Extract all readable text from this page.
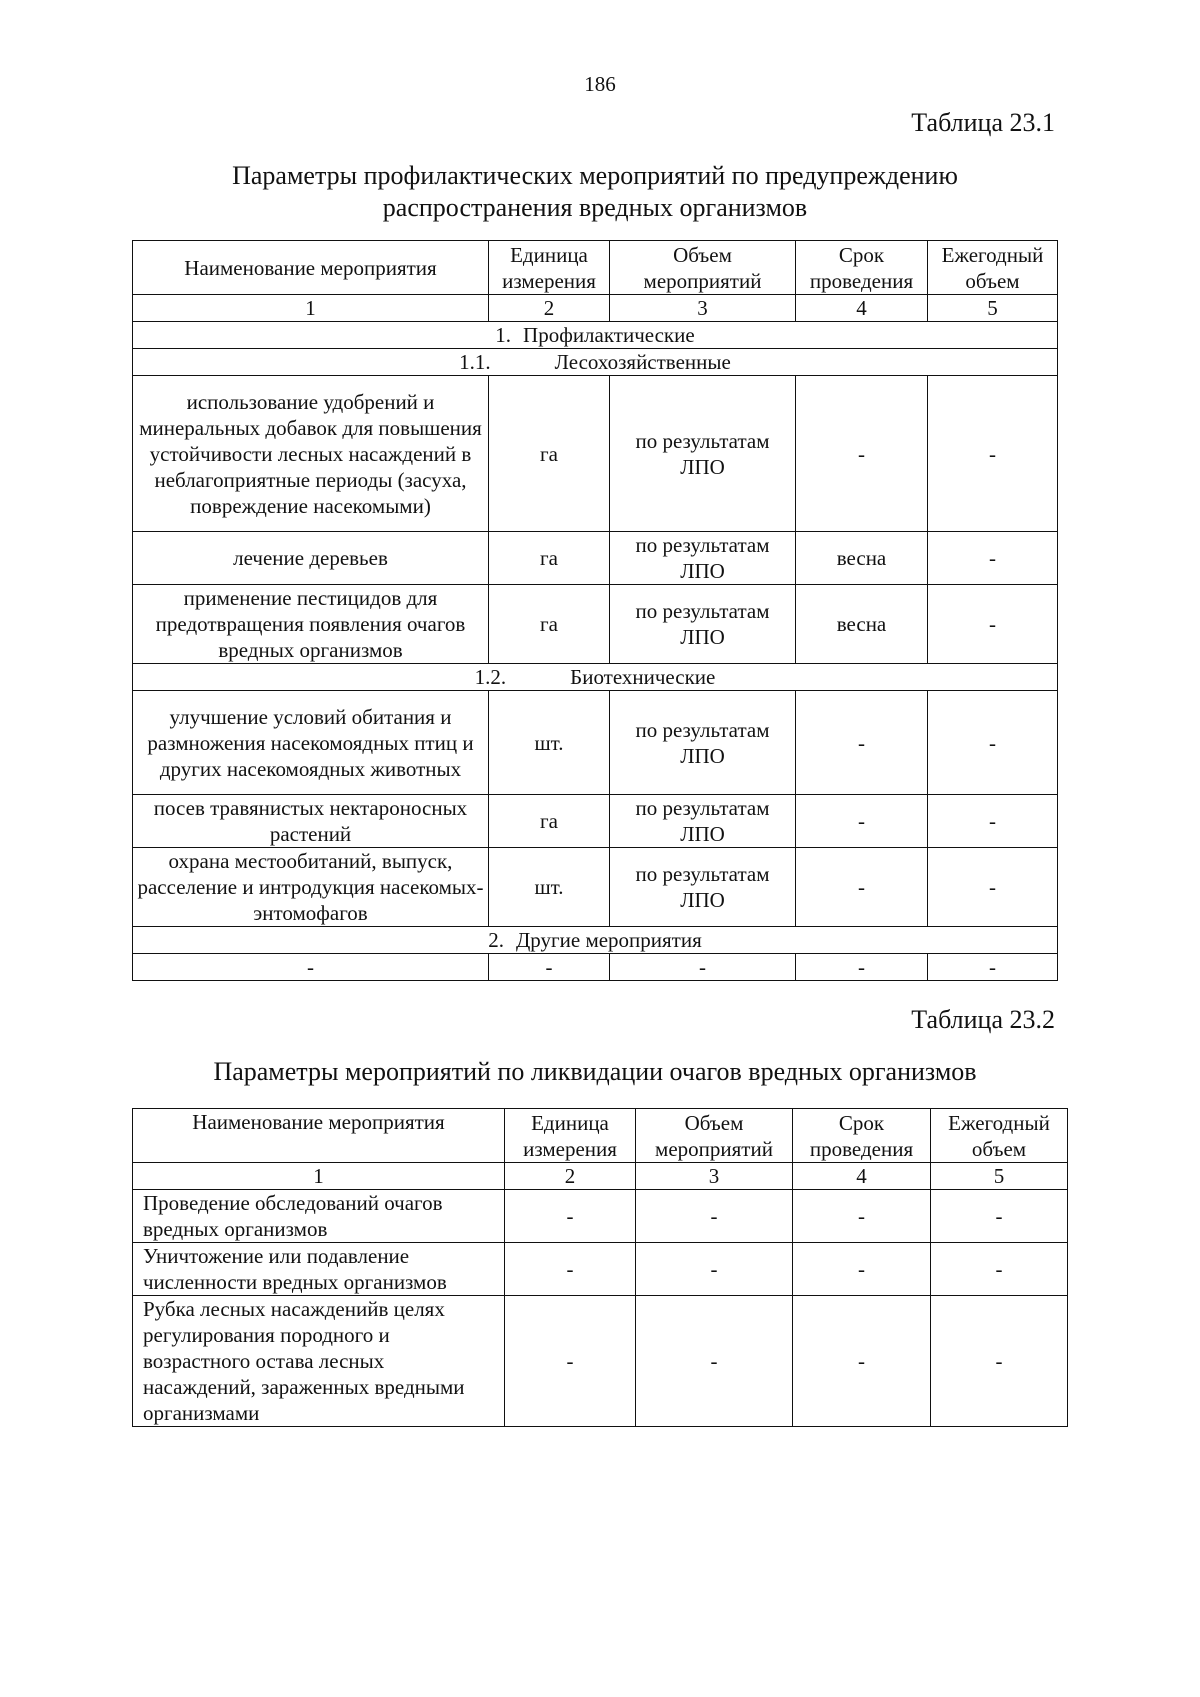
186
Таблица 23.1
Параметры профилактических мероприятий по предупреждению
распространения вредных организмов
Наименование мероприятия	Единица измерения	Объем мероприятий	Срок проведения	Ежегодный объем
1	2	3	4	5
1. Профилактические				
1.1. Лесохозяйственные				
использование удобрений и минеральных добавок для повышения устойчивости лесных насаждений в неблагоприятные периоды (засуха, повреждение насекомыми)	га	по результатам ЛПО	-	-
лечение деревьев	га	по результатам ЛПО	весна	-
применение пестицидов для предотвращения появления очагов вредных организмов	га	по результатам ЛПО	весна	-
1.2. Биотехнические				
улучшение условий обитания и размножения насекомоядных птиц и других насекомоядных животных	шт.	по результатам ЛПО	-	-
посев травянистых нектароносных растений	га	по результатам ЛПО	-	-
охрана местообитаний, выпуск, расселение и интродукция насекомых-энтомофагов	шт.	по результатам ЛПО	-	-
2. Другие мероприятия				
-	-	-	-	-
Таблица 23.2
Параметры мероприятий по ликвидации очагов вредных организмов
Наименование мероприятия	Единица измерения	Объем мероприятий	Срок проведения	Ежегодный объем
1	2	3	4	5
Проведение обследований очагов вредных организмов	-	-	-	-
Уничтожение или подавление численности вредных организмов	-	-	-	-
Рубка лесных насажденийв целях регулирования породного и возрастного остава лесных насаждений, зараженных вредными организмами	-	-	-	-
